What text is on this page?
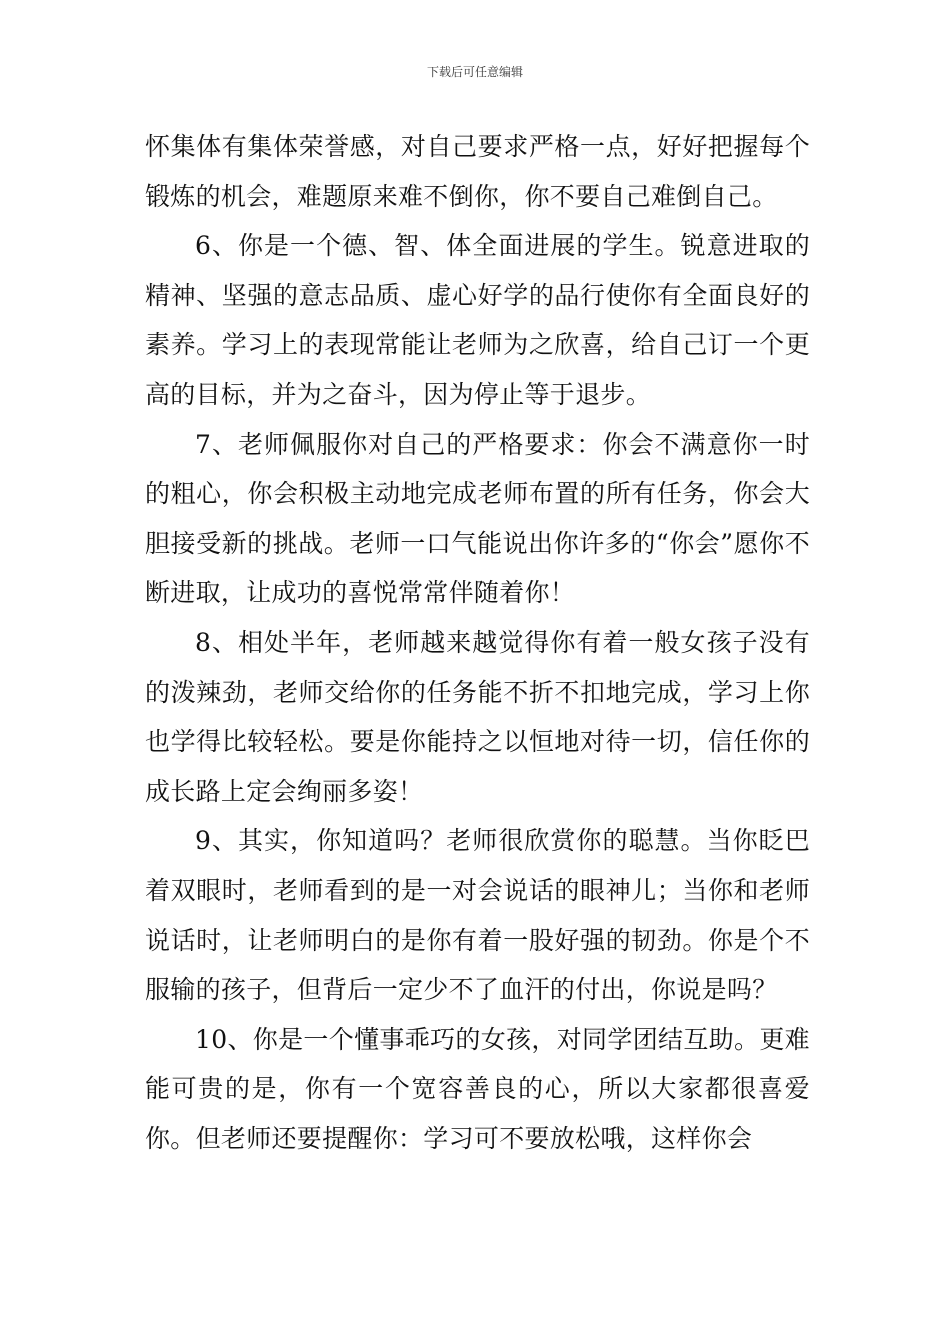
下载后可任意编辑

怀集体有集体荣誉感，对自己要求严格一点，好好把握每个锻炼的机会，难题原来难不倒你，你不要自己难倒自己。

6、你是一个德、智、体全面进展的学生。锐意进取的精神、坚强的意志品质、虚心好学的品行使你有全面良好的素养。学习上的表现常能让老师为之欣喜，给自己订一个更高的目标，并为之奋斗，因为停止等于退步。

7、老师佩服你对自己的严格要求：你会不满意你一时的粗心，你会积极主动地完成老师布置的所有任务，你会大胆接受新的挑战。老师一口气能说出你许多的“你会”愿你不断进取，让成功的喜悦常常伴随着你！

8、相处半年，老师越来越觉得你有着一般女孩子没有的泼辣劲，老师交给你的任务能不折不扣地完成，学习上你也学得比较轻松。要是你能持之以恒地对待一切，信任你的成长路上定会绚丽多姿！

9、其实，你知道吗？老师很欣赏你的聪慧。当你眨巴着双眼时，老师看到的是一对会说话的眼神儿；当你和老师说话时，让老师明白的是你有着一股好强的韧劲。你是个不服输的孩子，但背后一定少不了血汗的付出，你说是吗？

10、你是一个懂事乖巧的女孩，对同学团结互助。更难能可贵的是，你有一个宽容善良的心，所以大家都很喜爱你。但老师还要提醒你：学习可不要放松哦，这样你会
